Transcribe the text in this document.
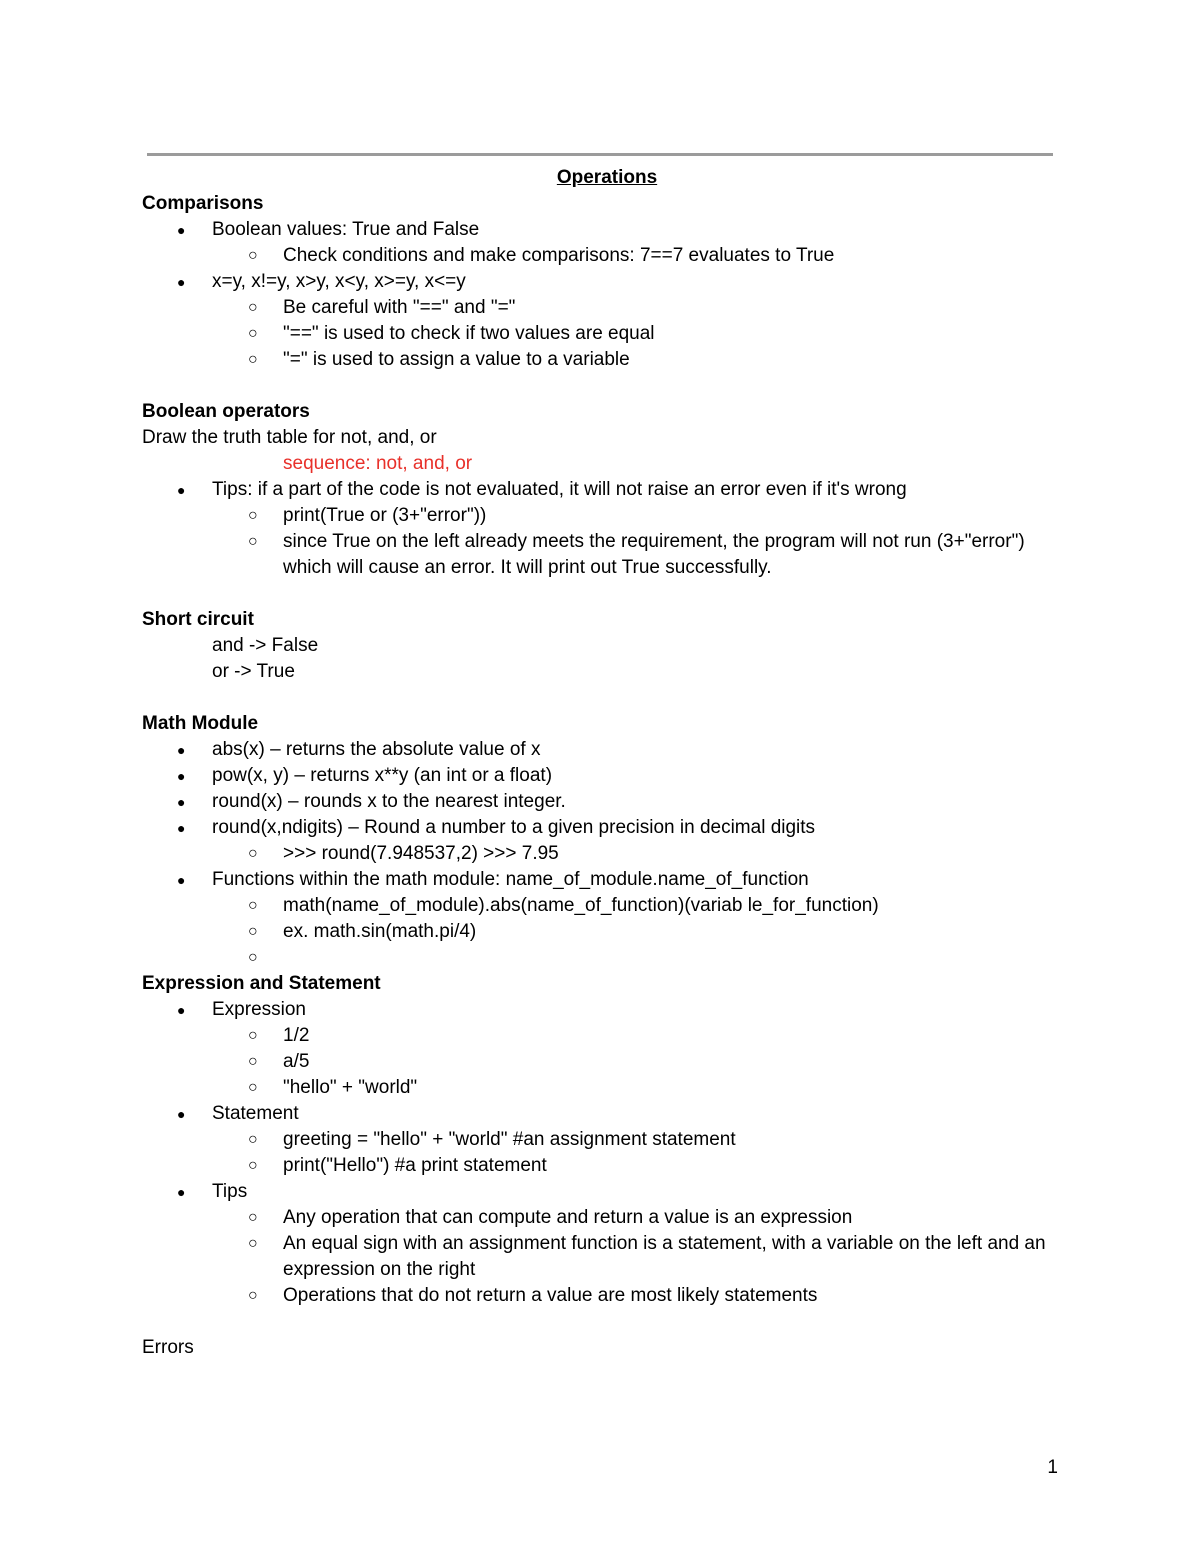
Operations
Comparisons
●	Boolean values: True and False
○	Check conditions and make comparisons: 7==7 evaluates to True
●	x=y, x!=y, x>y, x<y, x>=y, x<=y
○	Be careful with "==" and "="
○	"==" is used to check if two values are equal
○	"=" is used to assign a value to a variable
Boolean operators
Draw the truth table for not, and, or
sequence: not, and, or
●	Tips: if a part of the code is not evaluated, it will not raise an error even if it's wrong
○	print(True or (3+"error"))
○	since True on the left already meets the requirement, the program will not run (3+"error") which will cause an error. It will print out True successfully.
Short circuit
and -> False
or -> True
Math Module
●	abs(x) – returns the absolute value of x
●	pow(x, y) – returns x**y (an int or a float)
●	round(x) – rounds x to the nearest integer.
●	round(x,ndigits) – Round a number to a given precision in decimal digits
○	>>> round(7.948537,2) >>> 7.95
●	Functions within the math module: name_of_module.name_of_function
○	math(name_of_module).abs(name_of_function)(variab le_for_function)
○	ex. math.sin(math.pi/4)
○
Expression and Statement
●	Expression
○	1/2
○	a/5
○	"hello" + "world"
●	Statement
○	greeting = "hello" + "world" #an assignment statement
○	print("Hello") #a print statement
●	Tips
○	Any operation that can compute and return a value is an expression
○	An equal sign with an assignment function is a statement, with a variable on the left and an expression on the right
○	Operations that do not return a value are most likely statements
Errors
1
